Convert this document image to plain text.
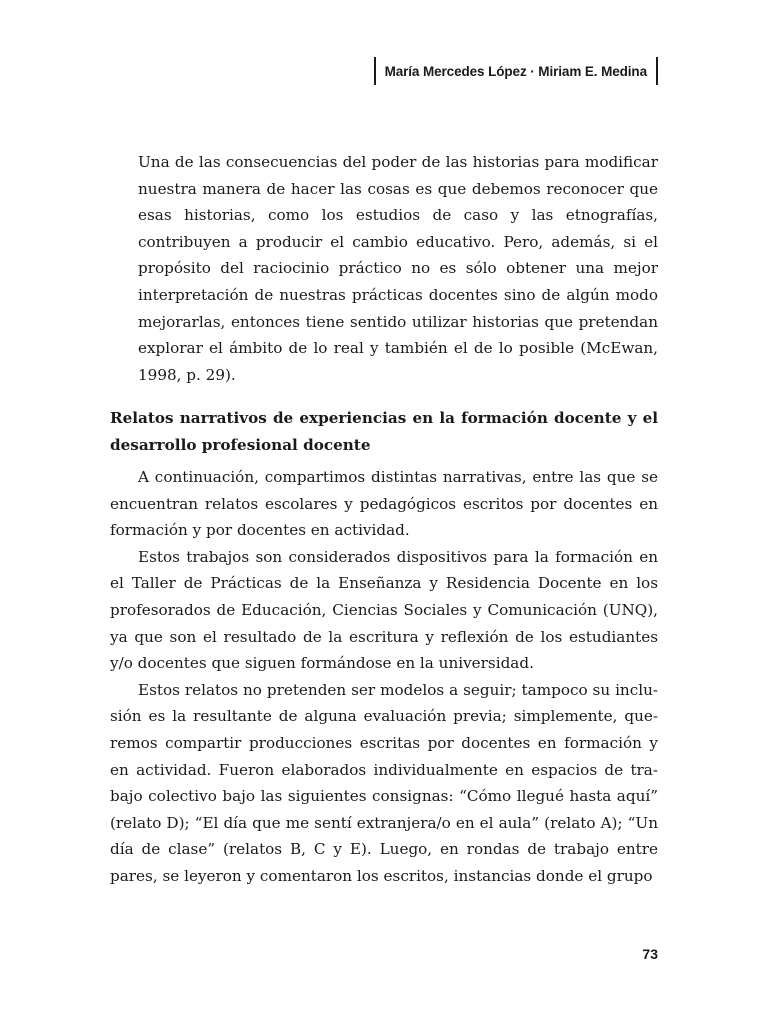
María Mercedes López · Miriam E. Medina

Una de las consecuencias del poder de las historias para modificar nuestra manera de hacer las cosas es que debemos reconocer que esas historias, como los estudios de caso y las etnografías, contribuyen a producir el cambio educativo. Pero, además, si el propósito del raciocinio práctico no es sólo obtener una mejor interpretación de nuestras prácticas docentes sino de algún modo mejorarlas, entonces tiene sentido utilizar historias que pretendan explorar el ámbito de lo real y también el de lo posible (McEwan, 1998, p. 29).

Relatos narrativos de experiencias en la formación docente y el desarrollo profesional docente

A continuación, compartimos distintas narrativas, entre las que se encuentran relatos escolares y pedagógicos escritos por docentes en formación y por docentes en actividad.

Estos trabajos son considerados dispositivos para la formación en el Taller de Prácticas de la Enseñanza y Residencia Docente en los profesorados de Educación, Ciencias Sociales y Comunicación (UNQ), ya que son el resultado de la escritura y reflexión de los estudiantes y/o docentes que siguen formándose en la universidad.

Estos relatos no pretenden ser modelos a seguir; tampoco su inclusión es la resultante de alguna evaluación previa; simplemente, queremos compartir producciones escritas por docentes en formación y en actividad. Fueron elaborados individualmente en espacios de trabajo colectivo bajo las siguientes consignas: “Cómo llegué hasta aquí” (relato D); “El día que me sentí extranjera/o en el aula” (relato A); “Un día de clase” (relatos B, C y E). Luego, en rondas de trabajo entre pares, se leyeron y comentaron los escritos, instancias donde el grupo

73
